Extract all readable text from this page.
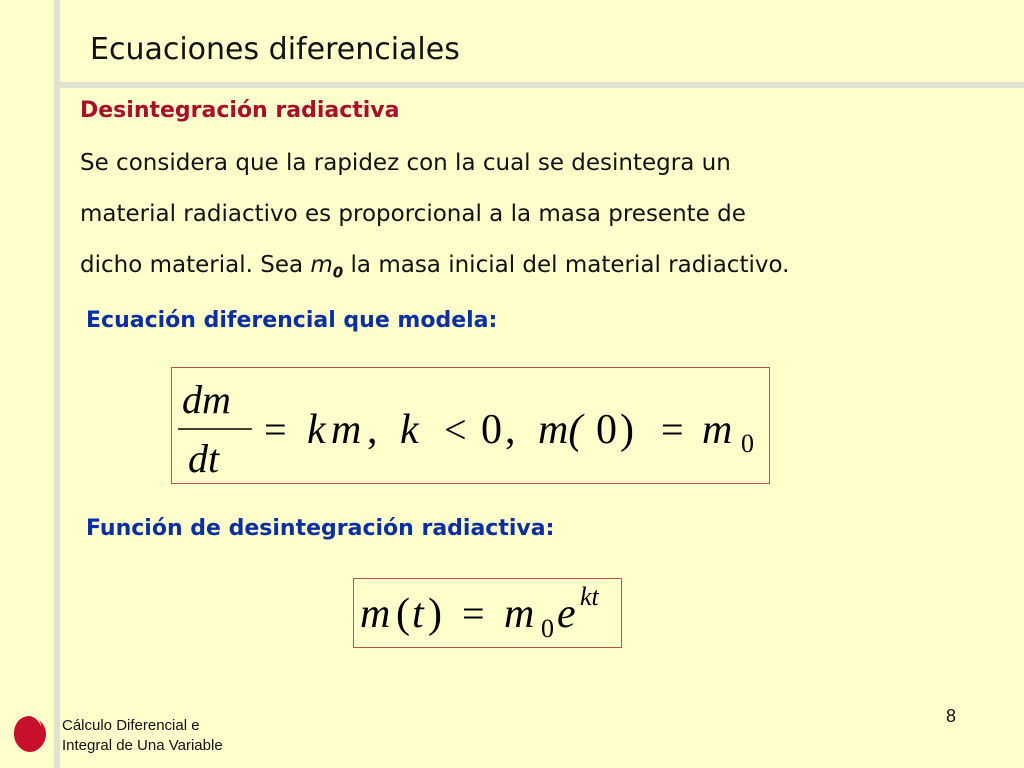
Ecuaciones diferenciales
Desintegración radiactiva
Se considera que la rapidez con la cual se desintegra un
material radiactivo es proporcional a la masa presente de
dicho material. Sea $m_0$ la masa inicial del material radiactivo.
Ecuación diferencial que modela:
dm
dt
= k m , k < 0 , m( 0 ) = m 0
Función de desintegración radiactiva:
m ( t ) = m 0 e kt
Cálculo Diferencial e
Integral de Una Variable
8
